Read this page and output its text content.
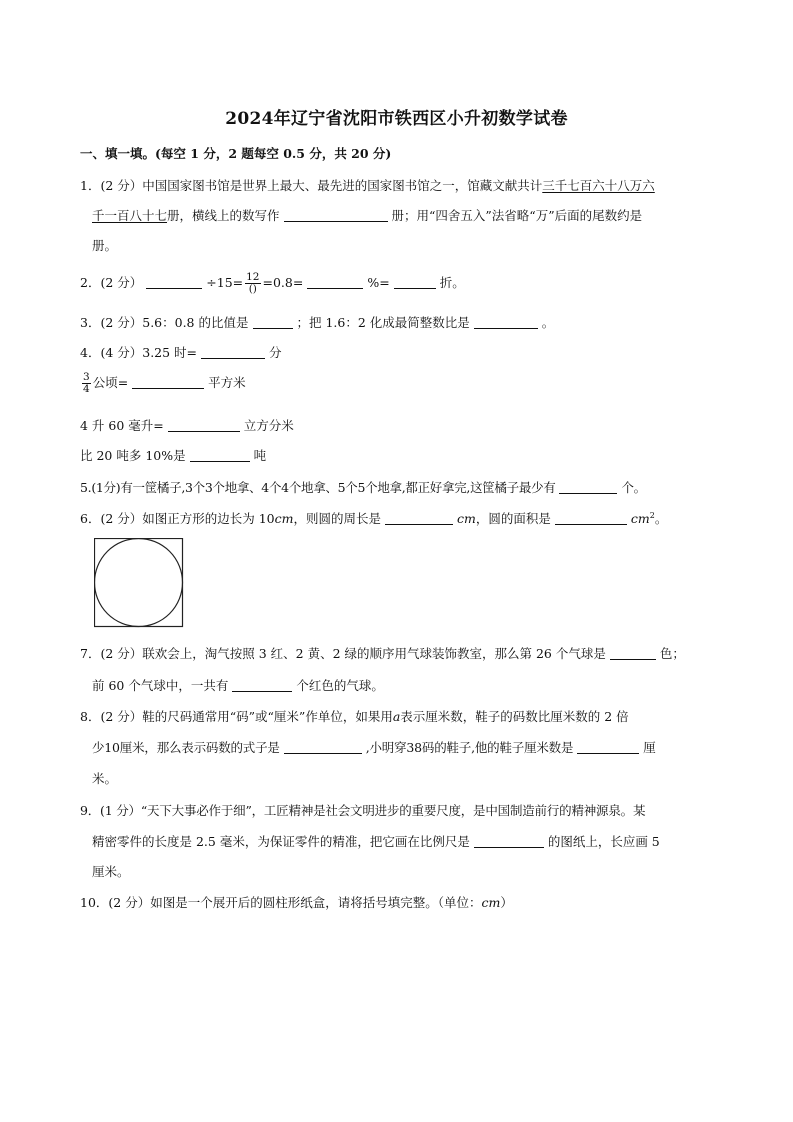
2024年辽宁省沈阳市铁西区小升初数学试卷
一、填一填。(每空 1 分，2 题每空 0.5 分，共 20 分)
1．(2 分）中国国家图书馆是世界上最大、最先进的国家图书馆之一，馆藏文献共计三千七百六十八万六
千一百八十七册，横线上的数写作	册；用“四舍五入”法省略“万”后面的尾数约是
册。
2．(2 分）	$\div 15= \frac{12}{()} =0.8=$	%=	折。
3．(2 分）5.6：0.8 的比值是	；把 1.6：2 化成最简整数比是	。
4．(4 分）3.25 时=	分
$\frac{3}{4}$ 公顷=	平方米
4 升 60 毫升=	立方分米
比 20 吨多 10%是	吨
5.(1分)有一筐橘子,3个3个地拿、4个4个地拿、5个5个地拿,都正好拿完,这筐橘子最少有	个。
6．(2 分）如图正方形的边长为 10cm，则圆的周长是	cm，圆的面积是	$cm^2$。
7．(2 分）联欢会上，淘气按照 3 红、2 黄、2 绿的顺序用气球装饰教室，那么第 26 个气球是	色；
前 60 个气球中，一共有	个红色的气球。
8．(2 分）鞋的尺码通常用“码”或“厘米”作单位，如果用a表示厘米数，鞋子的码数比厘米数的 2 倍
少10厘米，那么表示码数的式子是	,小明穿38码的鞋子,他的鞋子厘米数是	厘
米。
9．(1 分）“天下大事必作于细”，工匠精神是社会文明进步的重要尺度，是中国制造前行的精神源泉。某
精密零件的长度是 2.5 毫米，为保证零件的精准，把它画在比例尺是	的图纸上，长应画 5
厘米。
10．(2 分）如图是一个展开后的圆柱形纸盒，请将括号填完整。（单位：cm）
